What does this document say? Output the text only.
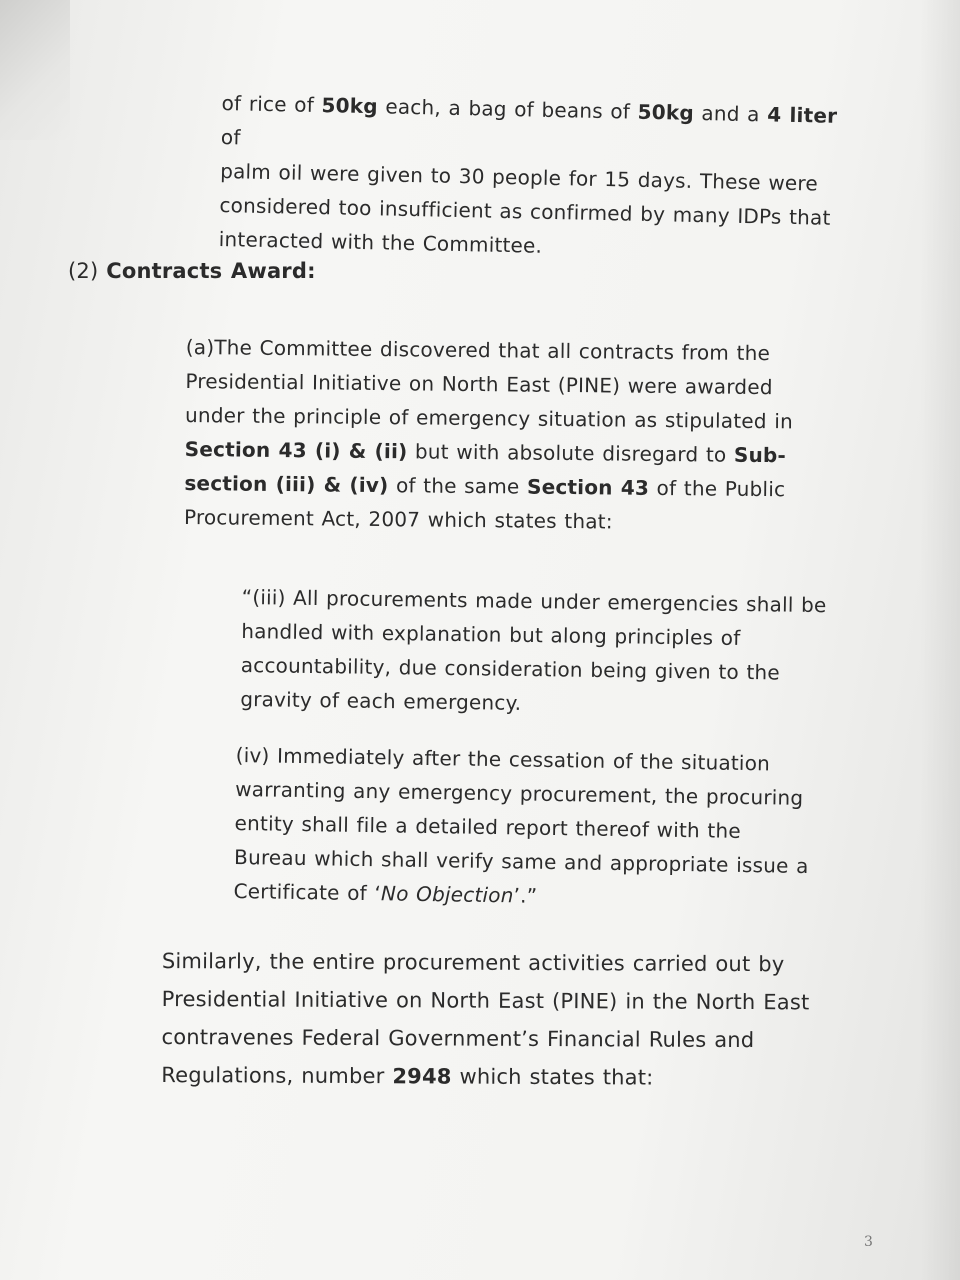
of rice of 50kg each, a bag of beans of 50kg and a 4 liter of
palm oil were given to 30 people for 15 days. These were
considered too insufficient as confirmed by many IDPs that
interacted with the Committee.
(2) Contracts Award:
(a)The Committee discovered that all contracts from the
Presidential Initiative on North East (PINE) were awarded
under the principle of emergency situation as stipulated in
Section 43 (i) & (ii) but with absolute disregard to Sub-
section (iii) & (iv) of the same Section 43 of the Public
Procurement Act, 2007 which states that:
“(iii) All procurements made under emergencies shall be
handled with explanation but along principles of
accountability, due consideration being given to the
gravity of each emergency.
(iv) Immediately after the cessation of the situation
warranting any emergency procurement, the procuring
entity shall file a detailed report thereof with the
Bureau which shall verify same and appropriate issue a
Certificate of ‘No Objection’.”
Similarly, the entire procurement activities carried out by
Presidential Initiative on North East (PINE) in the North East
contravenes Federal Government’s Financial Rules and
Regulations, number 2948 which states that:
3
